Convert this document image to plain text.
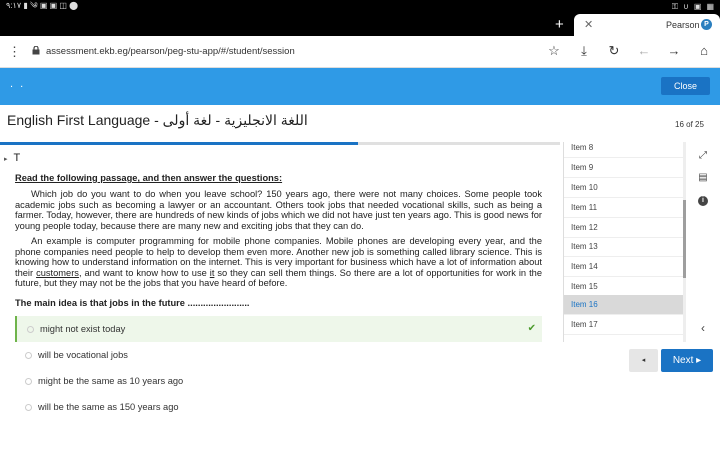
٩:١٧ ▮ ༄ ▣ ▣ ◫ ⬤	⚿ ∪ ▣ ▦
+ ✕	Pearson P
⋮	assessment.ekb.eg/pearson/peg-stu-app/#/student/session	☆	⤓	↻ ← →	⌂
. .	Close
English First Language - اللغة الانجليزية - لغة أولى	16 of 25
▸ T
Read the following passage, and then answer the questions:

Which job do you want to do when you leave school? 150 years ago, there were not many choices. Some people took academic jobs such as becoming a lawyer or an accountant. Others took jobs that needed vocational skills, such as being a farmer. Today, however, there are hundreds of new kinds of jobs which we did not have just ten years ago. This is good news for young people today, because there are many new and exciting jobs that they can do.

An example is computer programming for mobile phone companies. Mobile phones are developing every year, and the phone companies need people to help to develop them even more. Another new job is something called library science. This is knowing how to understand information on the internet. This is very important for business which have a lot of information about their customers, and want to know how to use it so they can sell them things. So there are a lot of opportunities for work in the future, but they may not be the jobs that you have heard of before.

The main idea is that jobs in the future ........................
might not exist today	✔
will be vocational jobs
might be the same as 10 years ago
will be the same as 150 years ago
Item 8
Item 9
Item 10
Item 11
Item 12
Item 13
Item 14
Item 15
Item 16
Item 17
⤢
▤
i
‹
◂	Next ▸
